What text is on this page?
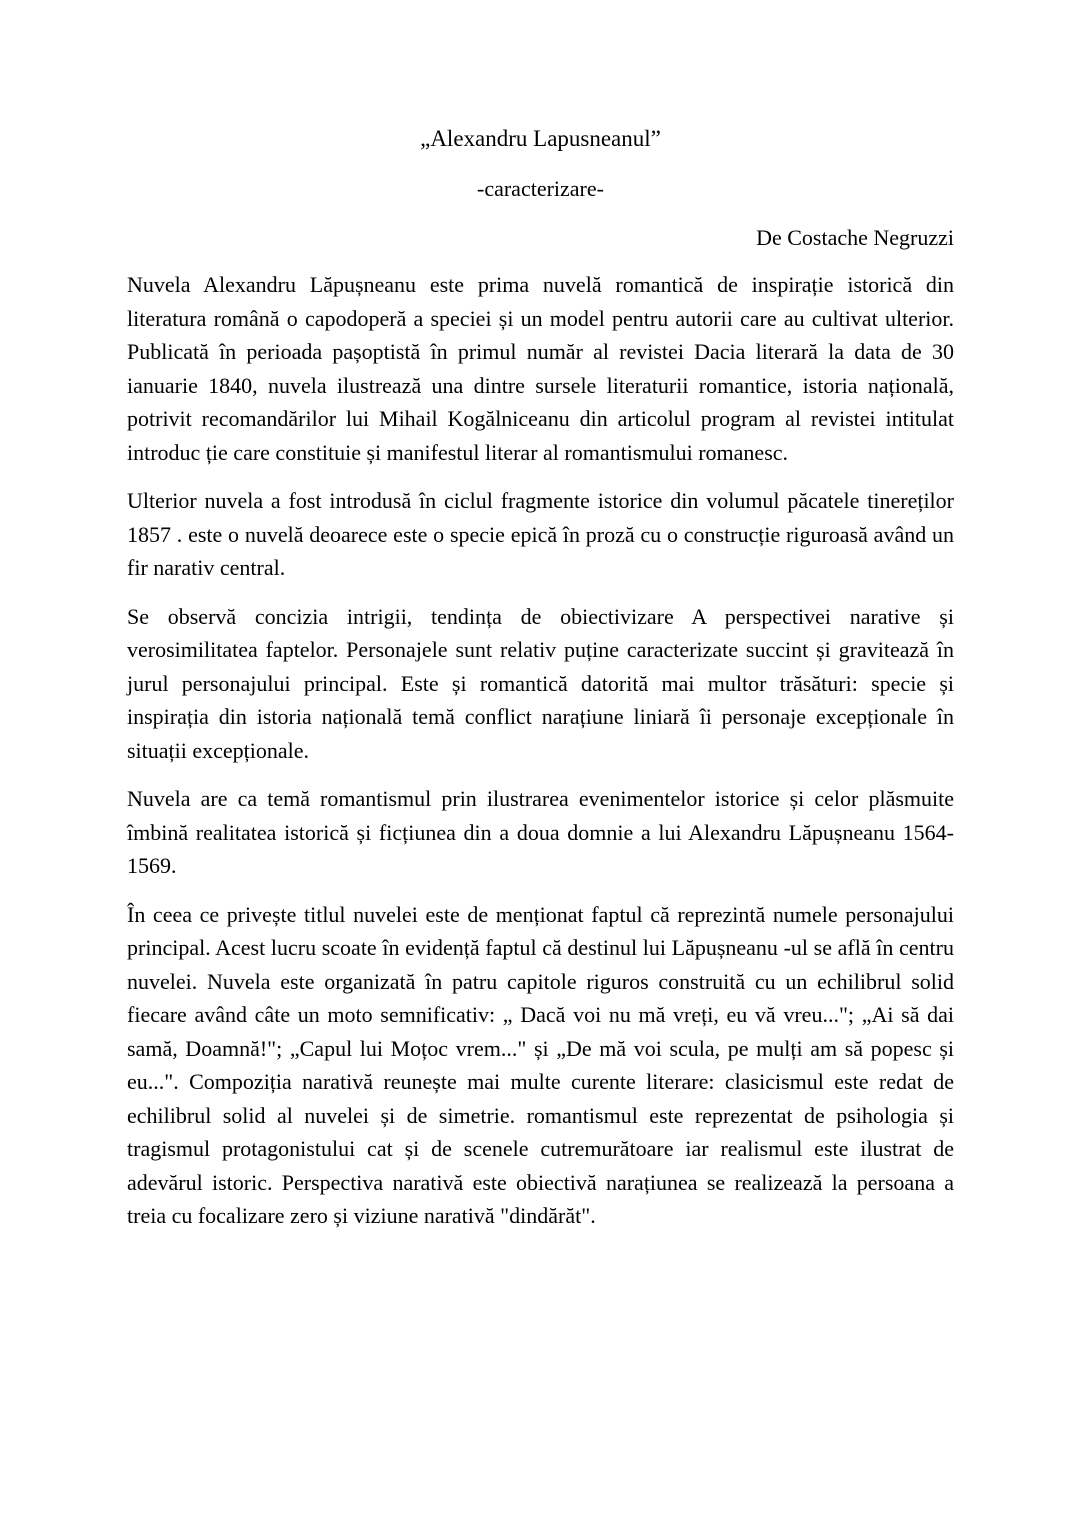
„Alexandru Lapusneanul”
-caracterizare-
De Costache Negruzzi

Nuvela Alexandru Lăpușneanu este prima nuvelă romantică de inspirație istorică din literatura română o capodoperă a speciei și un model pentru autorii care au cultivat ulterior. Publicată în perioada pașoptistă în primul număr al revistei Dacia literară la data de 30 ianuarie 1840, nuvela ilustrează una dintre sursele literaturii romantice, istoria națională, potrivit recomandărilor lui Mihail Kogălniceanu din articolul program al revistei intitulat introduc ție care constituie și manifestul literar al romantismului romanesc.

Ulterior nuvela a fost introdusă în ciclul fragmente istorice din volumul păcatele tinereților 1857 . este o nuvelă deoarece este o specie epică în proză cu o construcție riguroasă având un fir narativ central.

Se observă concizia intrigii, tendința de obiectivizare A perspectivei narative și verosimilitatea faptelor. Personajele sunt relativ puține caracterizate succint și gravitează în jurul personajului principal. Este și romantică datorită mai multor trăsături: specie și inspirația din istoria națională temă conflict narațiune liniară îi personaje excepționale în situații excepționale.

Nuvela are ca temă romantismul prin ilustrarea evenimentelor istorice și celor plăsmuite îmbină realitatea istorică și ficțiunea din a doua domnie a lui Alexandru Lăpușneanu 1564-1569.

În ceea ce privește titlul nuvelei este de menționat faptul că reprezintă numele personajului principal. Acest lucru scoate în evidență faptul că destinul lui Lăpușneanu -ul se află în centru nuvelei. Nuvela este organizată în patru capitole riguros construită cu un echilibrul solid fiecare având câte un moto semnificativ: „ Dacă voi nu mă vreți, eu vă vreu..."; „Ai să dai samă, Doamnă!"; „Capul lui Moțoc vrem..." și „De mă voi scula, pe mulți am să popesc și eu...". Compoziția narativă reunește mai multe curente literare: clasicismul este redat de echilibrul solid al nuvelei și de simetrie. romantismul este reprezentat de psihologia și tragismul protagonistului cat și de scenele cutremurătoare iar realismul este ilustrat de adevărul istoric. Perspectiva narativă este obiectivă narațiunea se realizează la persoana a treia cu focalizare zero și viziune narativă "dindărăt".
